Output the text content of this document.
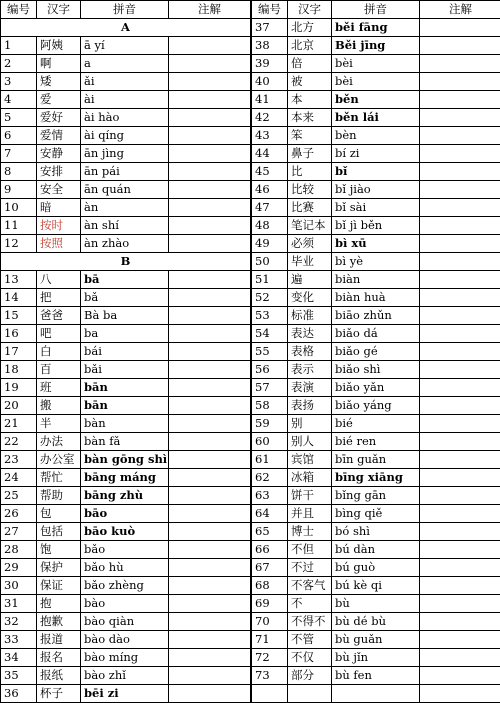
编号	汉字	拼音	注解
A			
1	阿姨	ā yí	
2	啊	a	
3	矮	ǎi	
4	爱	ài	
5	爱好	ài hào	
6	爱情	ài qíng	
7	安静	ān jìng	
8	安排	ān pái	
9	安全	ān quán	
10	暗	àn	
11	按时	àn shí	
12	按照	àn zhào	
B			
13	八	bā	
14	把	bǎ	
15	爸爸	Bà ba	
16	吧	ba	
17	白	bái	
18	百	bǎi	
19	班	bān	
20	搬	bān	
21	半	bàn	
22	办法	bàn fǎ	
23	办公室	bàn gōng shì	
24	帮忙	bāng máng	
25	帮助	bāng zhù	
26	包	bāo	
27	包括	bāo kuò	
28	饱	bǎo	
29	保护	bǎo hù	
30	保证	bǎo zhèng	
31	抱	bào	
32	抱歉	bào qiàn	
33	报道	bào dào	
34	报名	bào míng	
35	报纸	bào zhǐ	
36	杯子	bēi zi	
编号	汉字	拼音	注解
37	北方	běi fāng	
38	北京	Běi jīng	
39	倍	bèi	
40	被	bèi	
41	本	běn	
42	本来	běn lái	
43	笨	bèn	
44	鼻子	bí zi	
45	比	bǐ	
46	比较	bǐ jiào	
47	比赛	bǐ sài	
48	笔记本	bǐ jì běn	
49	必须	bì xū	
50	毕业	bì yè	
51	遍	biàn	
52	变化	biàn huà	
53	标准	biāo zhǔn	
54	表达	biǎo dá	
55	表格	biǎo gé	
56	表示	biǎo shì	
57	表演	biǎo yǎn	
58	表扬	biǎo yáng	
59	别	bié	
60	别人	bié ren	
61	宾馆	bīn guǎn	
62	冰箱	bīng xiāng	
63	饼干	bǐng gān	
64	并且	bìng qiě	
65	博士	bó shì	
66	不但	bú dàn	
67	不过	bú guò	
68	不客气	bú kè qi	
69	不	bù	
70	不得不	bù dé bù	
71	不管	bù guǎn	
72	不仅	bù jǐn	
73	部分	bù fen	
